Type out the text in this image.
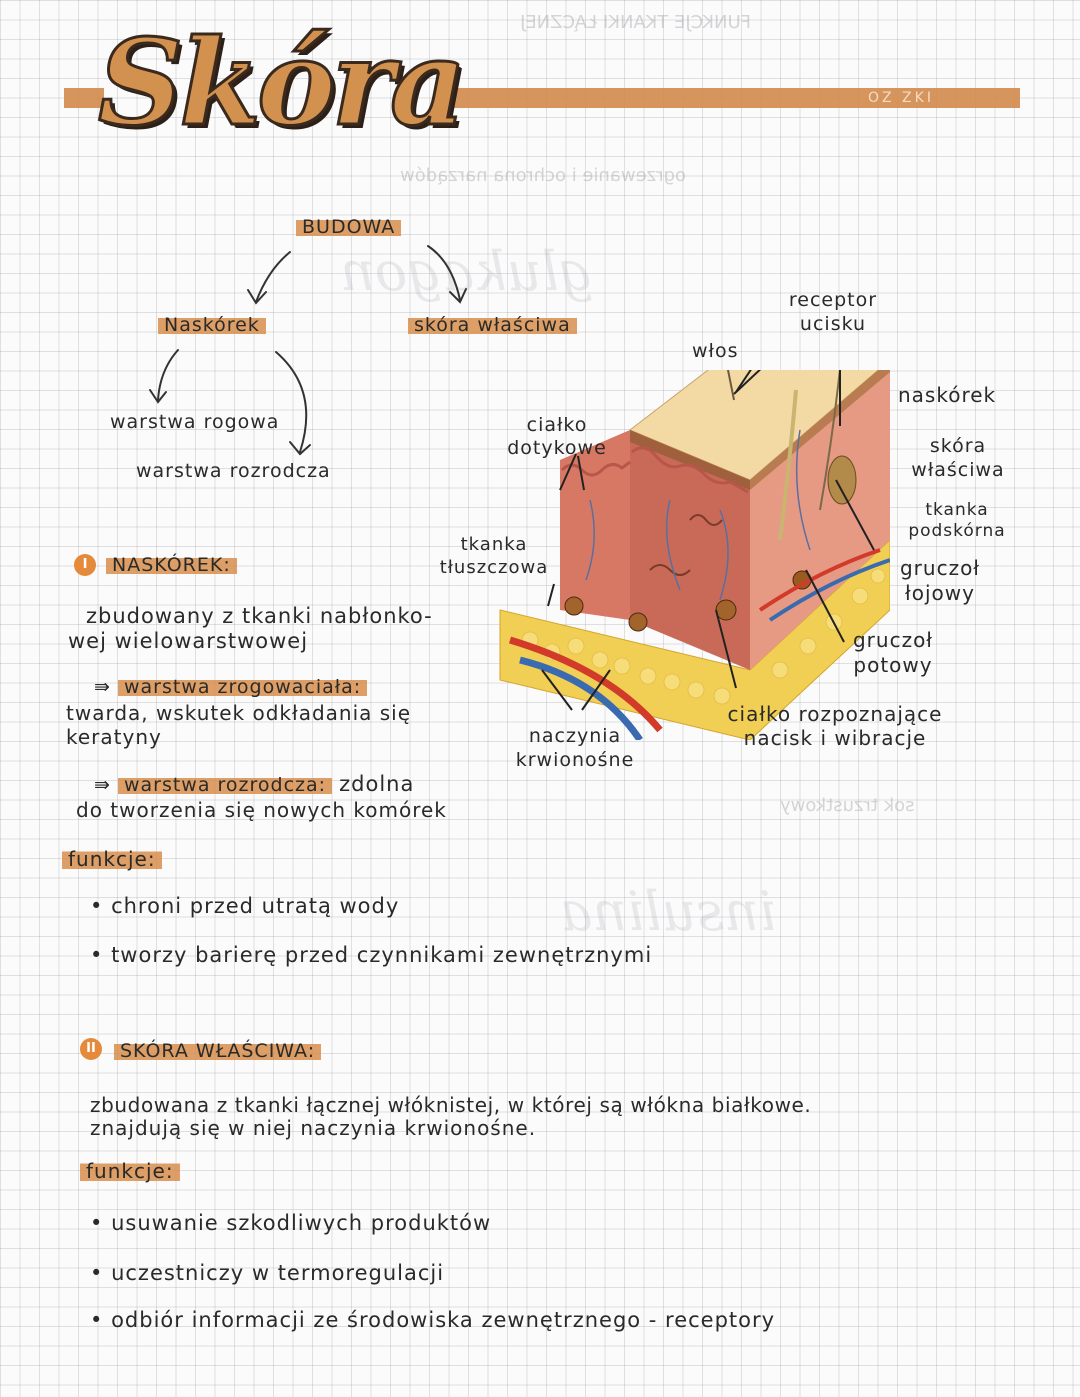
FUNKCJE TKANKI ŁĄCZNEJ
ogrzewanie i ochrona narządów
glukagon
insulina
sok trzustkowy
OZ ZKI
Skóra
BUDOWA
Naskórek	skóra właściwa
warstwa rogowa
warstwa rozrodcza
receptor ucisku
włos
naskórek
skóra właściwa
tkanka podskórna
ciałko dotykowe
tkanka tłuszczowa	gruczoł łojowy
gruczoł potowy
naczynia krwionośne
ciałko rozpoznające nacisk i wibracje
I	NASKÓREK:
zbudowany z tkanki nabłonko-
wej wielowarstwowej
⇛ warstwa zrogowaciała:
twarda, wskutek odkładania się
keratyny
⇛ warstwa rozrodcza: zdolna
do tworzenia się nowych komórek
funkcje:
• chroni przed utratą wody
• tworzy barierę przed czynnikami zewnętrznymi
II	SKÓRA WŁAŚCIWA:
zbudowana z tkanki łącznej włóknistej, w której są włókna białkowe.
znajdują się w niej naczynia krwionośne.
funkcje:
• usuwanie szkodliwych produktów
• uczestniczy w termoregulacji
• odbiór informacji ze środowiska zewnętrznego - receptory
